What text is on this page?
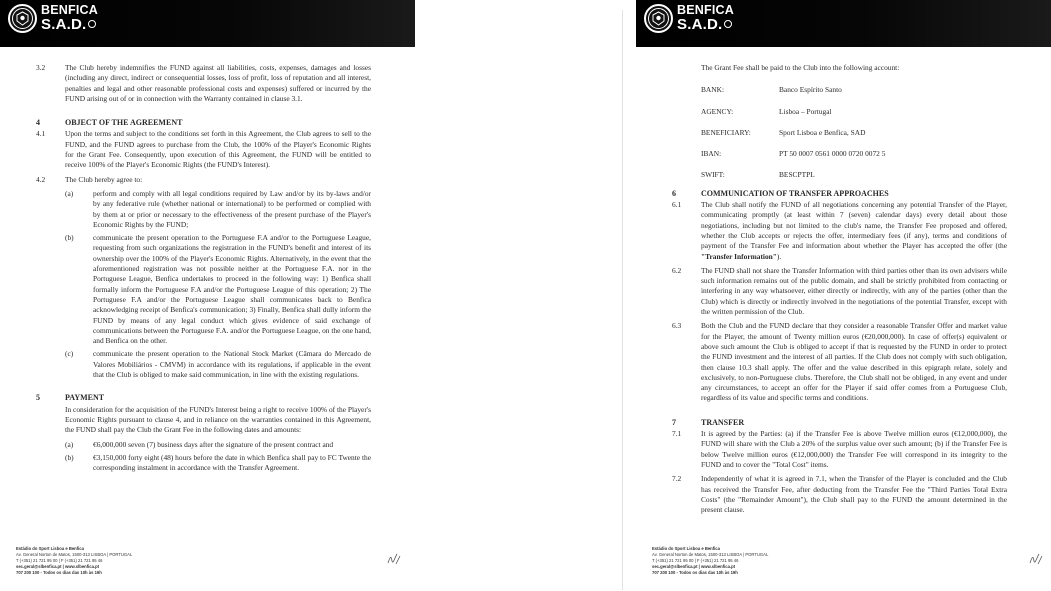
BENFICA
S.A.D.
3.2	The Club hereby indemnifies the FUND against all liabilities, costs, expenses, damages and losses (including any direct, indirect or consequential losses, loss of profit, loss of reputation and all interest, penalties and legal and other reasonable professional costs and expenses) suffered or incurred by the FUND arising out of or in connection with the Warranty contained in clause 3.1.
4	OBJECT OF THE AGREEMENT
4.1	Upon the terms and subject to the conditions set forth in this Agreement, the Club agrees to sell to the FUND, and the FUND agrees to purchase from the Club, the 100% of the Player's Economic Rights for the Grant Fee. Consequently, upon execution of this Agreement, the FUND will be entitled to receive 100% of the Player's Economic Rights (the FUND's Interest).
4.2	The Club hereby agree to:
(a)	perform and comply with all legal conditions required by Law and/or by its by-laws and/or by any federative rule (whether national or international) to be performed or complied with by them at or prior or necessary to the effectiveness of the present purchase of the Player's Economic Rights by the FUND;
(b)	communicate the present operation to the Portuguese F.A and/or to the Portuguese League, requesting from such organizations the registration in the FUND's benefit and interest of its ownership over the 100% of the Player's Economic Rights. Alternatively, in the event that the aforementioned registration was not possible neither at the Portuguese F.A. nor in the Portuguese League, Benfica undertakes to proceed in the following way: 1) Benfica shall formally inform the Portuguese F.A and/or the Portuguese League of this operation; 2) The Portuguese F.A and/or the Portuguese League shall communicates back to Benfica acknowledging receipt of Benfica's communication; 3) Finally, Benfica shall dully inform the FUND by means of any legal conduct which gives evidence of said exchange of communications between the Portuguese F.A. and/or the Portuguese League, on the one hand, and Benfica on the other.
(c)	communicate the present operation to the National Stock Market (Câmara do Mercado de Valores Mobiliários - CMVM) in accordance with its regulations, if applicable in the event that the Club is obliged to make said communication, in line with the existing regulations.
5	PAYMENT
In consideration for the acquisition of the FUND's Interest being a right to receive 100% of the Player's Economic Rights pursuant to clause 4, and in reliance on the warranties contained in this Agreement, the FUND shall pay the Club the Grant Fee in the following dates and amounts:
(a)	€6,000,000 seven (7) business days after the signature of the present contract and
(b)	€3,150,000 forty eight (48) hours before the date in which Benfica shall pay to FC Twente the corresponding instalment in accordance with the Transfer Agreement.
Estádio do Sport Lisboa e Benfica
Av. General Norton de Matos, 1500-313 LISBOA | PORTUGAL
T (+351) 21 721 95 00 | F (+351) 21 721 95 46
sec.geral@slbenfica.pt | www.slbenfica.pt
707 200 100 - Todos os dias das 10h às 19h
BENFICA
S.A.D.
The Grant Fee shall be paid to the Club into the following account:
BANK:	Banco Espírito Santo
AGENCY:	Lisboa – Portugal
BENEFICIARY:	Sport Lisboa e Benfica, SAD
IBAN:	PT 50 0007 0561 0000 0720 0072 5
SWIFT:	BESCPTPL
6	COMMUNICATION OF TRANSFER APPROACHES
6.1	The Club shall notify the FUND of all negotiations concerning any potential Transfer of the Player, communicating promptly (at least within 7 (seven) calendar days) every detail about those negotiations, including but not limited to the club's name, the Transfer Fee proposed and offered, whether the Club accepts or rejects the offer, intermediary fees (if any), terms and conditions of payment of the Transfer Fee and information about whether the Player has accepted the offer (the "Transfer Information").
6.2	The FUND shall not share the Transfer Information with third parties other than its own advisers while such information remains out of the public domain, and shall be strictly prohibited from contacting or interfering in any way whatsoever, either directly or indirectly, with any of the parties (other than the Club) which is directly or indirectly involved in the negotiations of the potential Transfer, except with the written permission of the Club.
6.3	Both the Club and the FUND declare that they consider a reasonable Transfer Offer and market value for the Player, the amount of Twenty million euros (€20,000,000). In case of offer(s) equivalent or above such amount the Club is obliged to accept if that is requested by the FUND in order to protect the FUND investment and the interest of all parties. If the Club does not comply with such obligation, then clause 10.3 shall apply. The offer and the value described in this epigraph relate, solely and exclusively, to non-Portuguese clubs. Therefore, the Club shall not be obliged, in any event and under any circumstances, to accept an offer for the Player if said offer comes from a Portuguese Club, regardless of its value and specific terms and conditions.
7	TRANSFER
7.1	It is agreed by the Parties: (a) if the Transfer Fee is above Twelve million euros (€12,000,000), the FUND will share with the Club a 20% of the surplus value over such amount; (b) if the Transfer Fee is below Twelve million euros (€12,000,000) the Transfer Fee will correspond in its integrity to the FUND and to cover the "Total Cost" items.
7.2	Independently of what it is agreed in 7.1, when the Transfer of the Player is concluded and the Club has received the Transfer Fee, after deducting from the Transfer Fee the "Third Parties Total Extra Costs" (the "Remainder Amount"), the Club shall pay to the FUND the amount determined in the present clause.
Estádio do Sport Lisboa e Benfica
Av. General Norton de Matos, 1500-313 LISBOA | PORTUGAL
T (+351) 21 721 95 00 | F (+351) 21 721 95 46
sec.geral@slbenfica.pt | www.slbenfica.pt
707 200 100 - Todos os dias das 10h às 19h
